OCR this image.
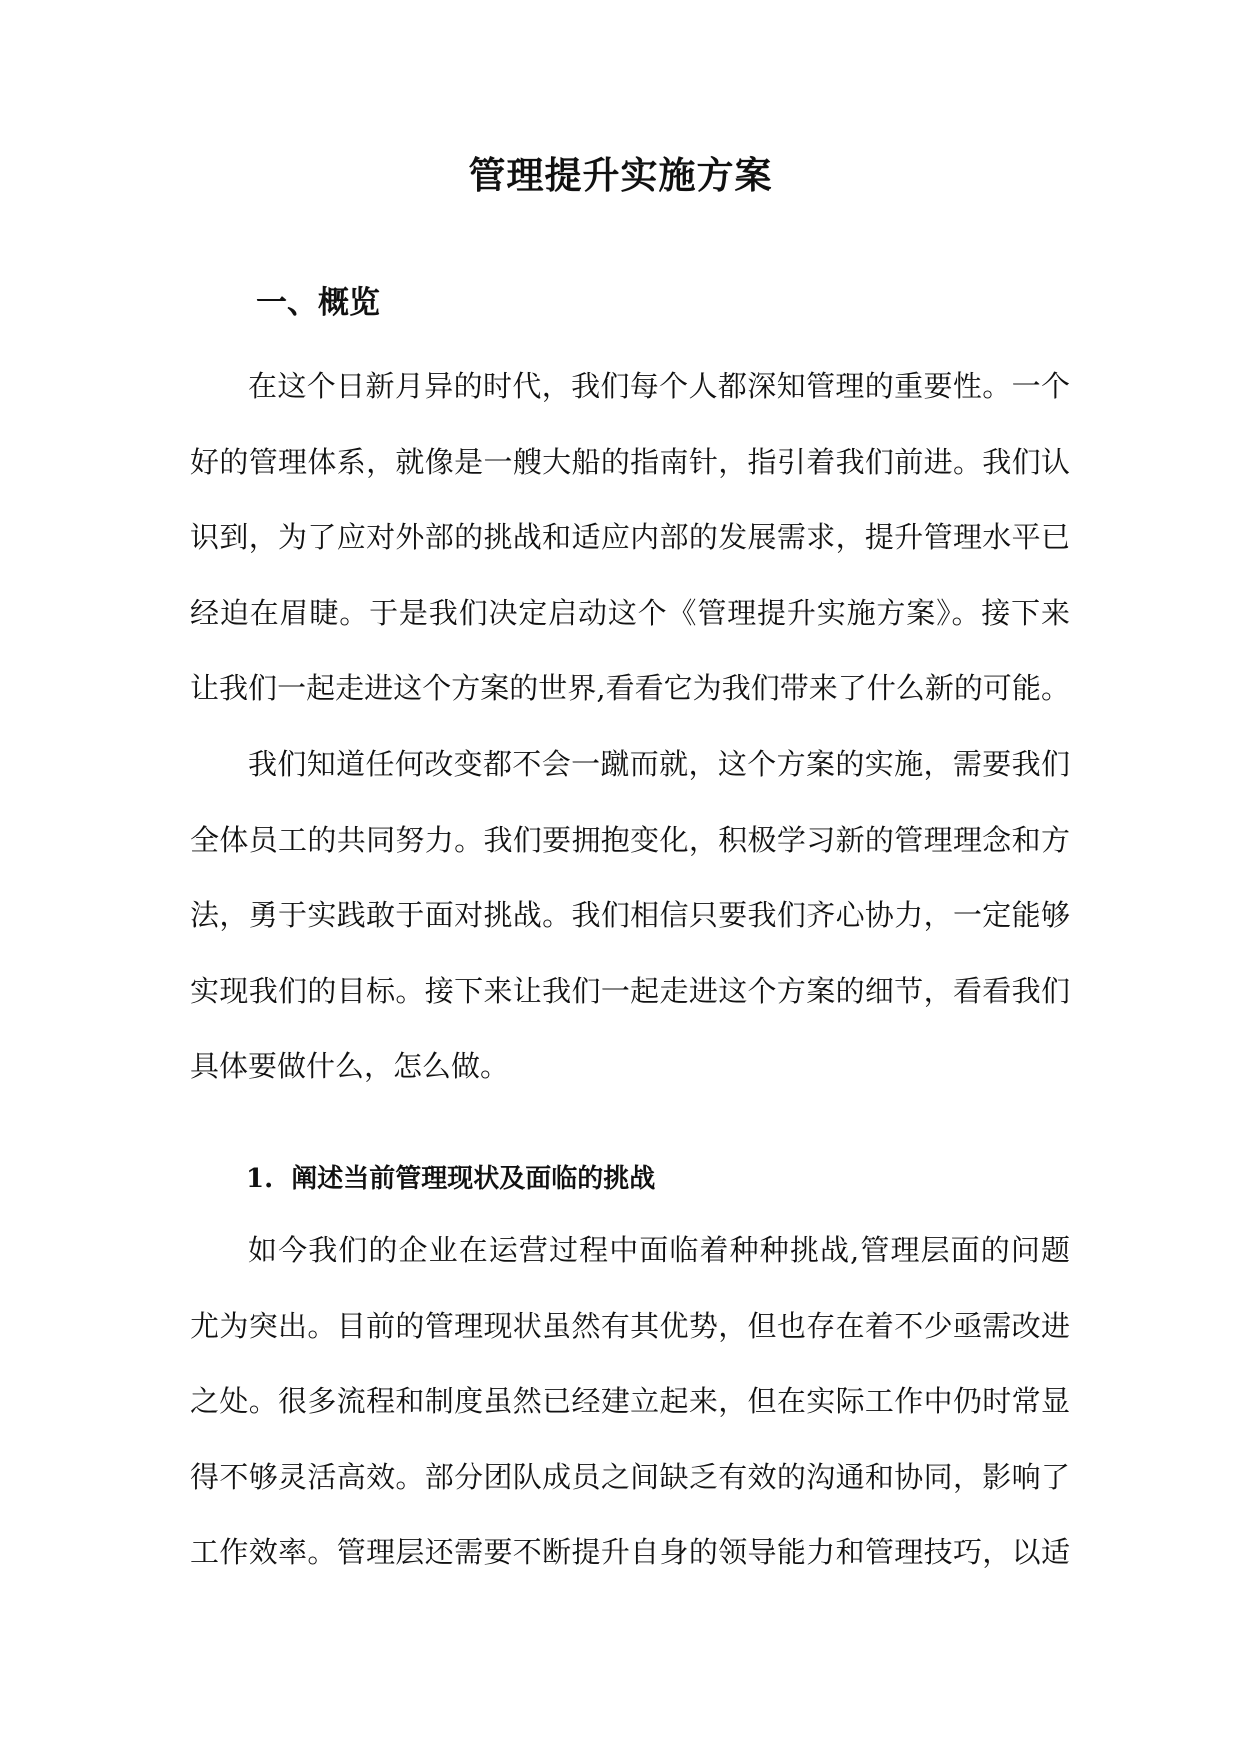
管理提升实施方案
一、概览
在这个日新月异的时代，我们每个人都深知管理的重要性。一个
好的管理体系，就像是一艘大船的指南针，指引着我们前进。我们认
识到，为了应对外部的挑战和适应内部的发展需求，提升管理水平已
经迫在眉睫。于是我们决定启动这个《管理提升实施方案》。接下来
让我们一起走进这个方案的世界,看看它为我们带来了什么新的可能。
我们知道任何改变都不会一蹴而就，这个方案的实施，需要我们
全体员工的共同努力。我们要拥抱变化，积极学习新的管理理念和方
法，勇于实践敢于面对挑战。我们相信只要我们齐心协力，一定能够
实现我们的目标。接下来让我们一起走进这个方案的细节，看看我们
具体要做什么，怎么做。
1.  阐述当前管理现状及面临的挑战
如今我们的企业在运营过程中面临着种种挑战,管理层面的问题
尤为突出。目前的管理现状虽然有其优势，但也存在着不少亟需改进
之处。很多流程和制度虽然已经建立起来，但在实际工作中仍时常显
得不够灵活高效。部分团队成员之间缺乏有效的沟通和协同，影响了
工作效率。管理层还需要不断提升自身的领导能力和管理技巧，以适
